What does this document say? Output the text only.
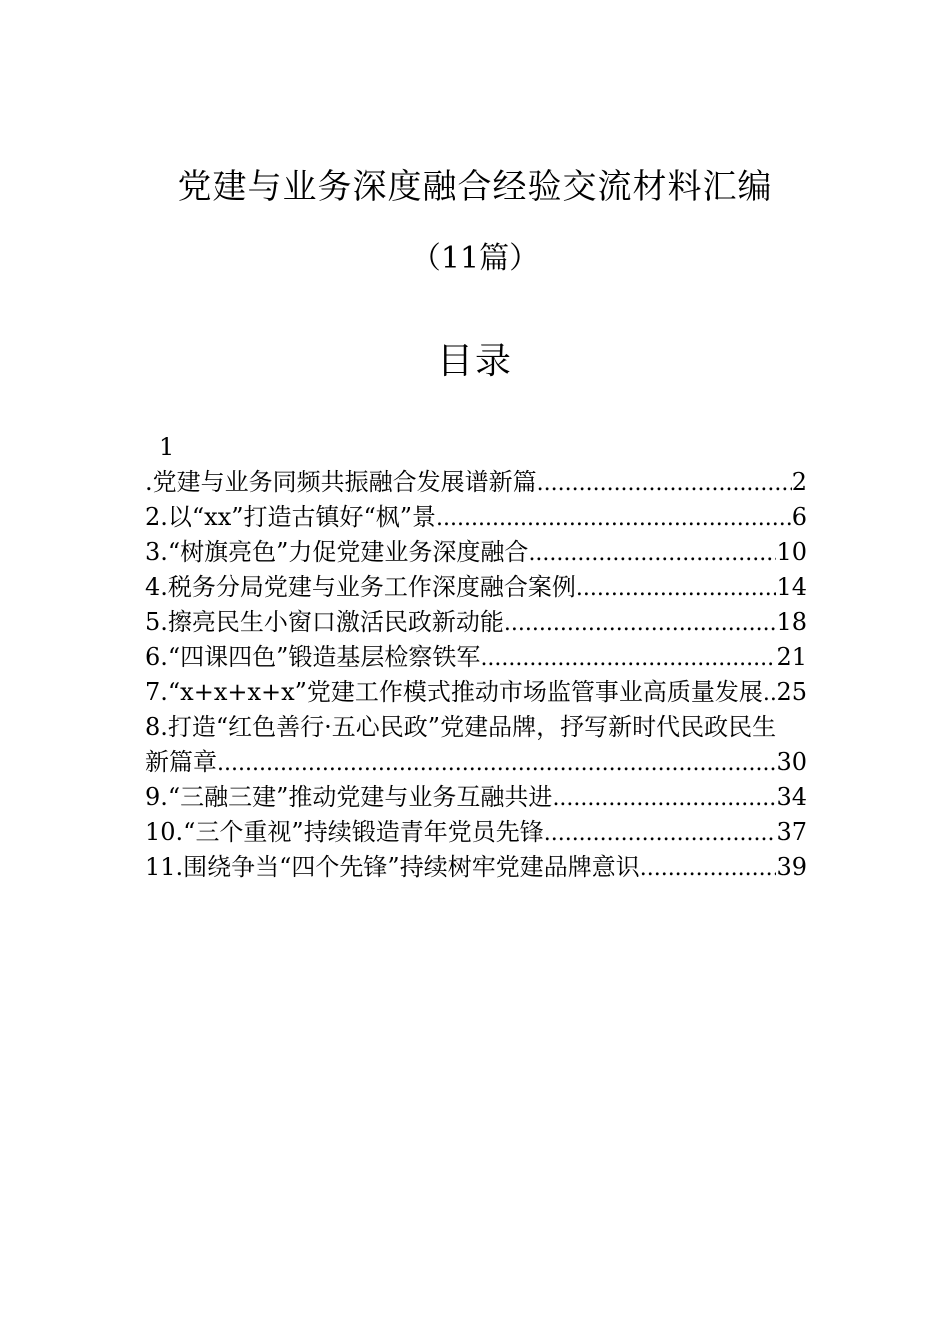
党建与业务深度融合经验交流材料汇编
（11篇）
目录
1
.党建与业务同频共振融合发展谱新篇 .....	2
2.以“xx”打造古镇好“枫”景 .....	6
3.“树旗亮色”力促党建业务深度融合 .....	10
4.税务分局党建与业务工作深度融合案例 .....	14
5.擦亮民生小窗口激活民政新动能 .....	18
6.“四课四色”锻造基层检察铁军 .....	21
7.“x+x+x+x”党建工作模式推动市场监管事业高质量发展 ..... 25
8.打造“红色善行·五心民政”党建品牌，抒写新时代民政民生
新篇章 .....	30
9.“三融三建”推动党建与业务互融共进 .....	34
10.“三个重视”持续锻造青年党员先锋 .....	37
11.围绕争当“四个先锋”持续树牢党建品牌意识 .....	39
